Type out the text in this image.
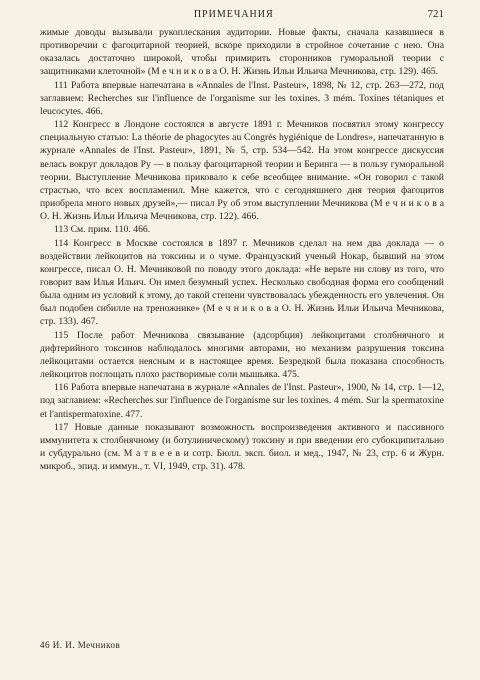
ПРИМЕЧАНИЯ	721

жимые доводы вызывали рукоплескания аудитории. Новые факты, сначала казавшиеся в противоречии с фагоцитарной теорией, вскоре приходили в стройное сочетание с нею. Она оказалась достаточно широкой, чтобы примирить сторонников гуморальной теории с защитниками клеточной» (М е ч н и к о в а О. Н. Жизнь Ильи Ильича Мечникова, стр. 129). 465.

111 Работа впервые напечатана в «Annales de l'Inst. Pasteur», 1898, № 12, стр. 263—272, под заглавием: Recherches sur l'influence de l'organisme sur les toxines. 3 mém. Toxines tétaniques et leucocytes. 466.

112 Конгресс в Лондоне состоялся в августе 1891 г. Мечников посвятил этому конгрессу специальную статью: La théorie de phagocytes au Congrès hygiénique de Londres», напечатанную в журнале «Annales de l'Inst. Pasteur», 1891, № 5, стр. 534—542. На этом конгрессе дискуссия велась вокруг докладов Ру — в пользу фагоцитарной теории и Беринга — в пользу гуморальной теории. Выступление Мечникова приковало к себе всеобщее внимание. «Он говорил с такой страстью, что всех воспламенил. Мне кажется, что с сегодняшнего дня теория фагоцитов приобрела много новых друзей»,— писал Ру об этом выступлении Мечникова (М е ч н и к о в а О. Н. Жизнь Ильи Ильича Мечникова, стр. 122). 466.

113 См. прим. 110. 466.

114 Конгресс в Москве состоялся в 1897 г. Мечников сделал на нем два доклада — о воздействии лейкоцитов на токсины и о чуме. Французский ученый Нокар, бывший на этом конгрессе, писал О. Н. Мечниковой по поводу этого доклада: «Не верьте ни слову из того, что говорит вам Илья Ильич. Он имел безумный успех. Несколько свободная форма его сообщений была одним из условий к этому, до такой степени чувствовалась убежденность его увлечения. Он был подобен сибилле на треножнике» (М е ч н и к о в а О. Н. Жизнь Ильи Ильича Мечникова, стр. 133). 467.

115 После работ Мечникова связывание (адсорбция) лейкоцитами столбнячного и дифтерийного токсинов наблюдалось многими авторами, но механизм разрушения токсина лейкоцитами остается неясным и в настоящее время. Безредкой была показана способность лейкоцитов поглощать плохо растворимые соли мышьяка. 475.

116 Работа впервые напечатана в журнале «Annales de l'Inst. Pasteur», 1900, № 14, стр. 1—12, под заглавием: «Recherches sur l'influence de l'organisme sur les toxines. 4 mém. Sur la spermatoxine et l'antispermatoxine. 477.

117 Новые данные показывают возможность воспроизведения активного и пассивного иммунитета к столбнячному (и ботулиническому) токсину и при введении его субокципитально и субдурально (см. М а т в е е в и сотр. Бюлл. эксп. биол. и мед., 1947, № 23, стр. 6 и Журн. микроб., эпид. и иммун., т. VI, 1949, стр. 31). 478.

46 И. И. Мечников
